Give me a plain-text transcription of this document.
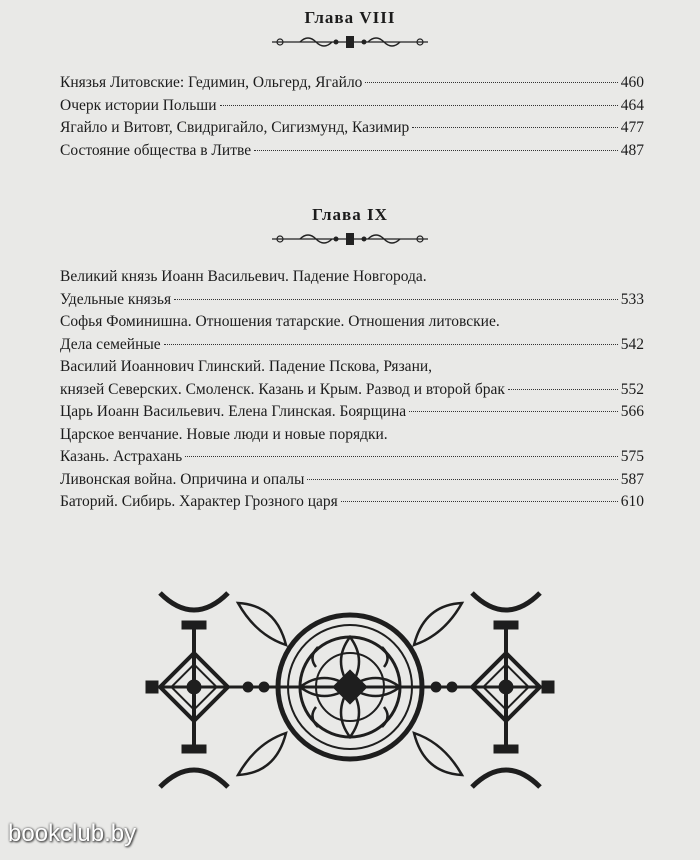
Глава VIII
Князья Литовские: Гедимин, Ольгерд, Ягайло	460
Очерк истории Польши	464
Ягайло и Витовт, Свидригайло, Сигизмунд, Казимир	477
Состояние общества в Литве	487
Глава IX
Великий князь Иоанн Васильевич. Падение Новгорода.
Удельные князья	533
Софья Фоминишна. Отношения татарские. Отношения литовские.
Дела семейные	542
Василий Иоаннович Глинский. Падение Пскова, Рязани,
князей Северских. Смоленск. Казань и Крым. Развод и второй брак	552
Царь Иоанн Васильевич. Елена Глинская. Боярщина	566
Царское венчание. Новые люди и новые порядки.
Казань. Астрахань	575
Ливонская война. Опричина и опалы	587
Баторий. Сибирь. Характер Грозного царя	610
bookclub.by
